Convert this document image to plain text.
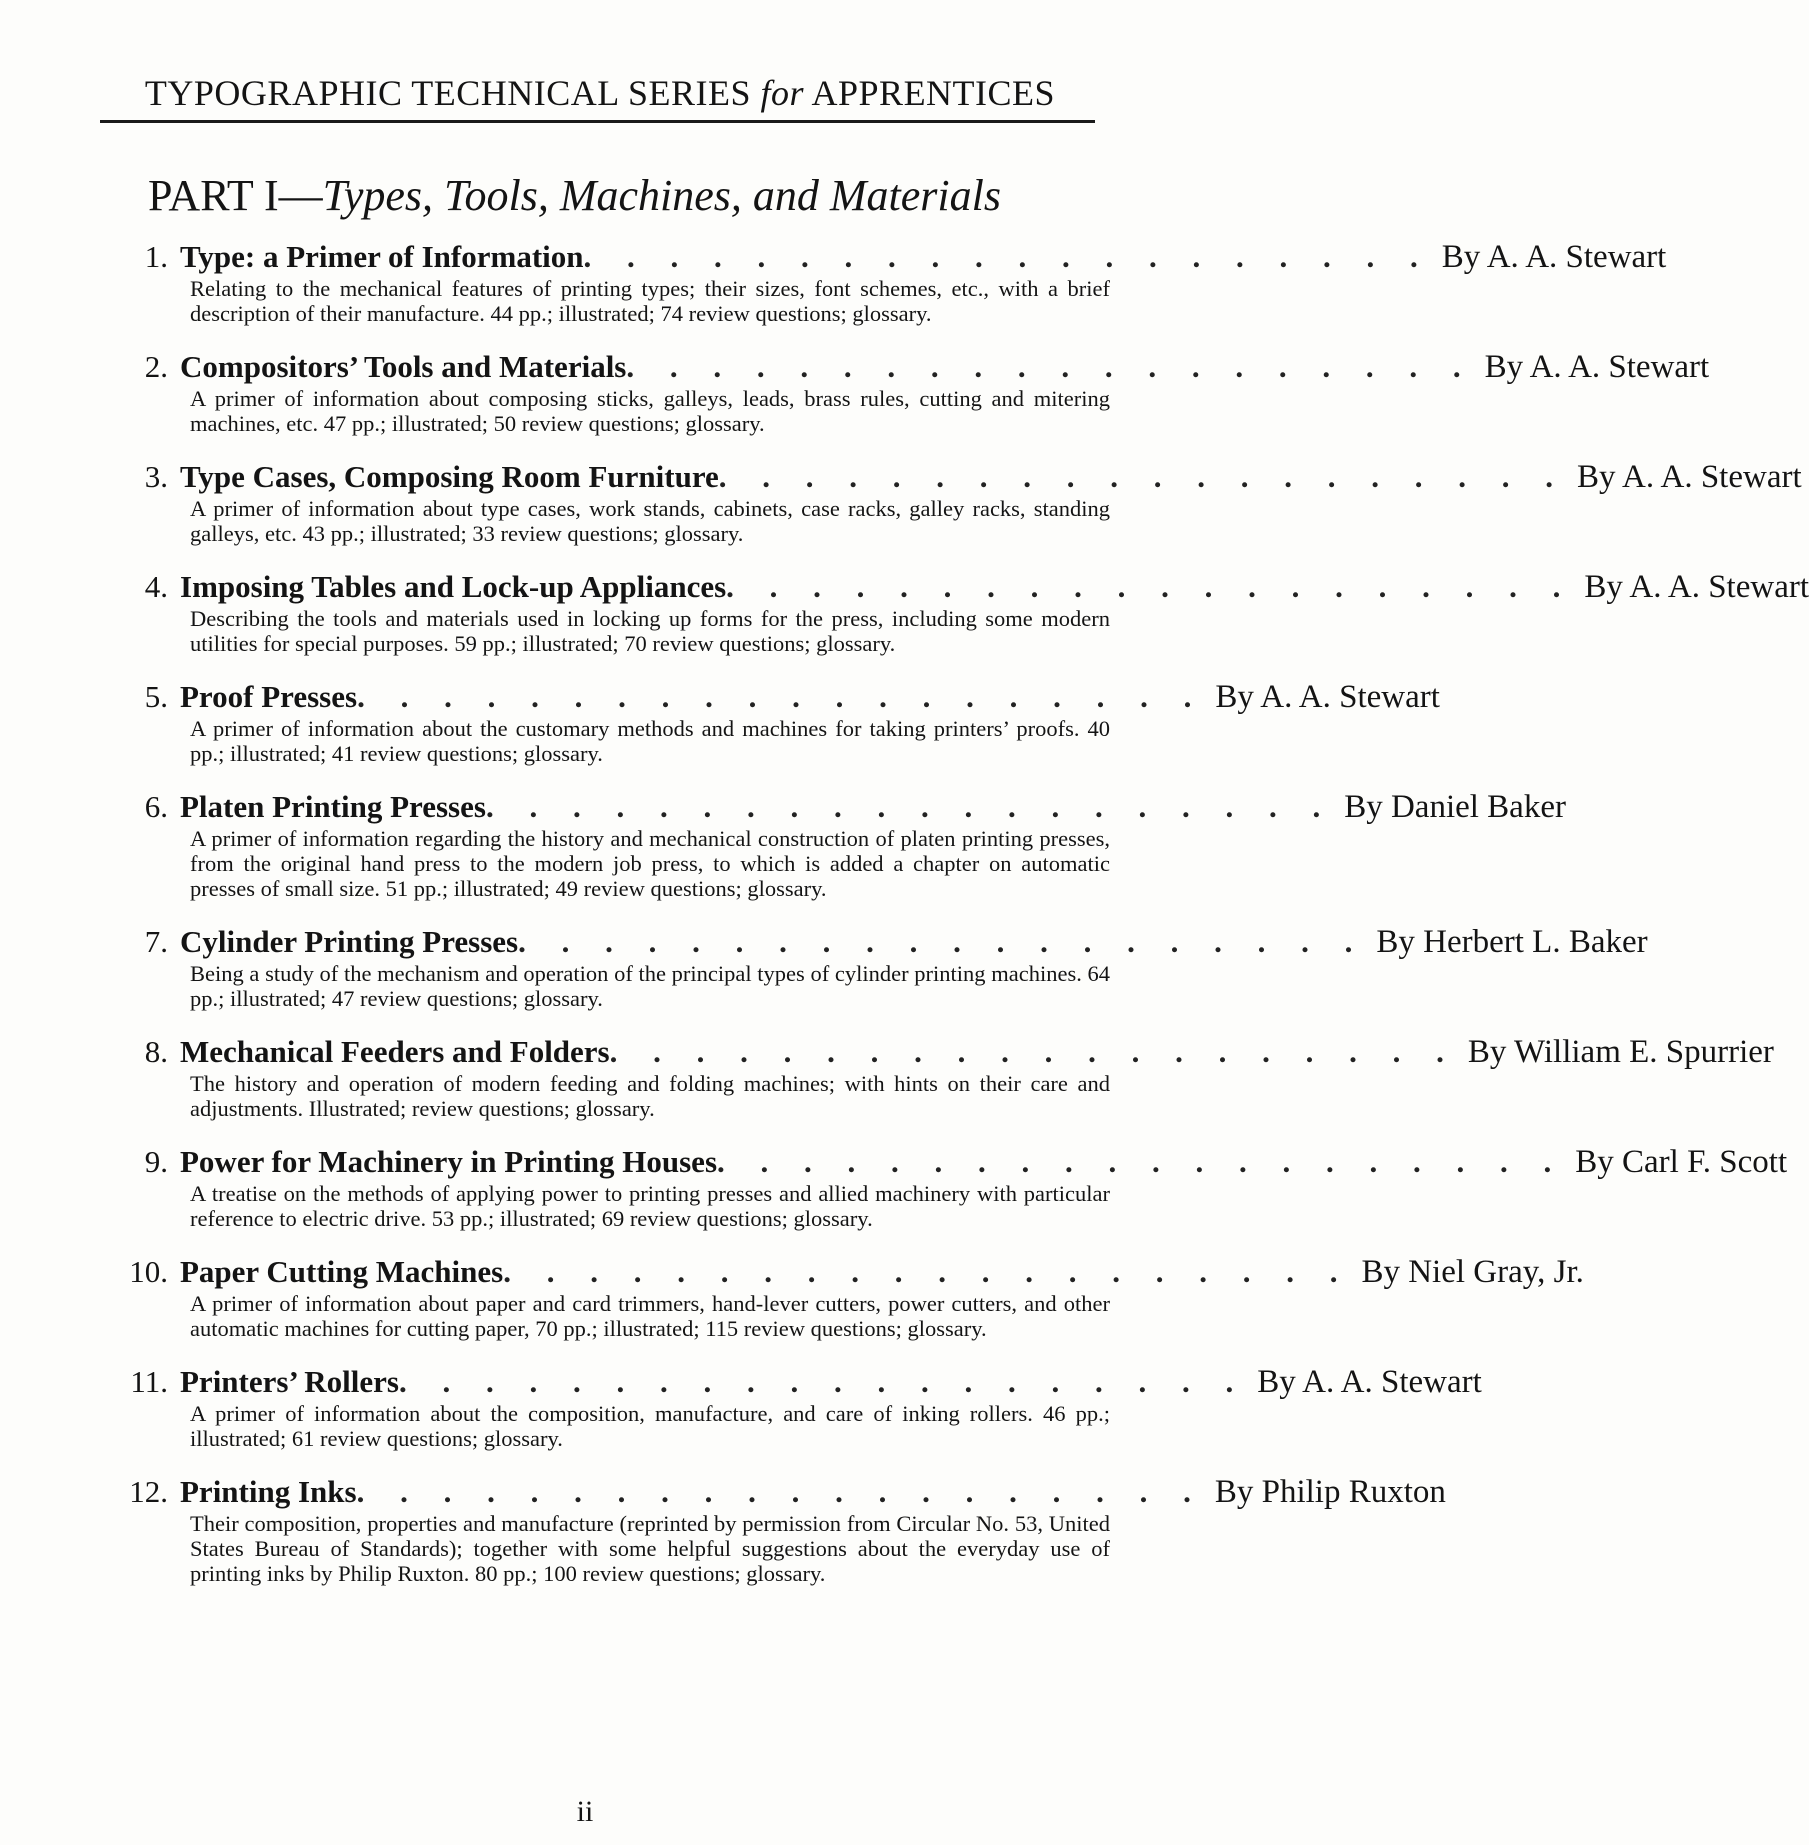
TYPOGRAPHIC TECHNICAL SERIES for APPRENTICES
PART I—Types, Tools, Machines, and Materials
1. Type: a Primer of Information . . . . . . . . . . . . . . . . . . . . By A. A. Stewart
Relating to the mechanical features of printing types; their sizes, font schemes, etc., with a brief description of their manufacture. 44 pp.; illustrated; 74 review questions; glossary.
2. Compositors’ Tools and Materials . . . . . . . . . . . . . . . . . . . . By A. A. Stewart
A primer of information about composing sticks, galleys, leads, brass rules, cutting and mitering machines, etc. 47 pp.; illustrated; 50 review questions; glossary.
3. Type Cases, Composing Room Furniture . . . . . . . . . . . . . . . . . . . . By A. A. Stewart
A primer of information about type cases, work stands, cabinets, case racks, galley racks, standing galleys, etc. 43 pp.; illustrated; 33 review questions; glossary.
4. Imposing Tables and Lock-up Appliances . . . . . . . . . . . . . . . . . . . . By A. A. Stewart
Describing the tools and materials used in locking up forms for the press, including some modern utilities for special purposes. 59 pp.; illustrated; 70 review questions; glossary.
5. Proof Presses . . . . . . . . . . . . . . . . . . . . By A. A. Stewart
A primer of information about the customary methods and machines for taking printers’ proofs. 40 pp.; illustrated; 41 review questions; glossary.
6. Platen Printing Presses . . . . . . . . . . . . . . . . . . . . By Daniel Baker
A primer of information regarding the history and mechanical construction of platen printing presses, from the original hand press to the modern job press, to which is added a chapter on automatic presses of small size. 51 pp.; illustrated; 49 review questions; glossary.
7. Cylinder Printing Presses . . . . . . . . . . . . . . . . . . . . By Herbert L. Baker
Being a study of the mechanism and operation of the principal types of cylinder printing machines. 64 pp.; illustrated; 47 review questions; glossary.
8. Mechanical Feeders and Folders . . . . . . . . . . . . . . . . . . . . By William E. Spurrier
The history and operation of modern feeding and folding machines; with hints on their care and adjustments. Illustrated; review questions; glossary.
9. Power for Machinery in Printing Houses . . . . . . . . . . . . . . . . . . . . By Carl F. Scott
A treatise on the methods of applying power to printing presses and allied machinery with particular reference to electric drive. 53 pp.; illustrated; 69 review questions; glossary.
10. Paper Cutting Machines . . . . . . . . . . . . . . . . . . . . By Niel Gray, Jr.
A primer of information about paper and card trimmers, hand-lever cutters, power cutters, and other automatic machines for cutting paper, 70 pp.; illustrated; 115 review questions; glossary.
11. Printers’ Rollers . . . . . . . . . . . . . . . . . . . . By A. A. Stewart
A primer of information about the composition, manufacture, and care of inking rollers. 46 pp.; illustrated; 61 review questions; glossary.
12. Printing Inks . . . . . . . . . . . . . . . . . . . . By Philip Ruxton
Their composition, properties and manufacture (reprinted by permission from Circular No. 53, United States Bureau of Standards); together with some helpful suggestions about the everyday use of printing inks by Philip Ruxton. 80 pp.; 100 review questions; glossary.
ii
